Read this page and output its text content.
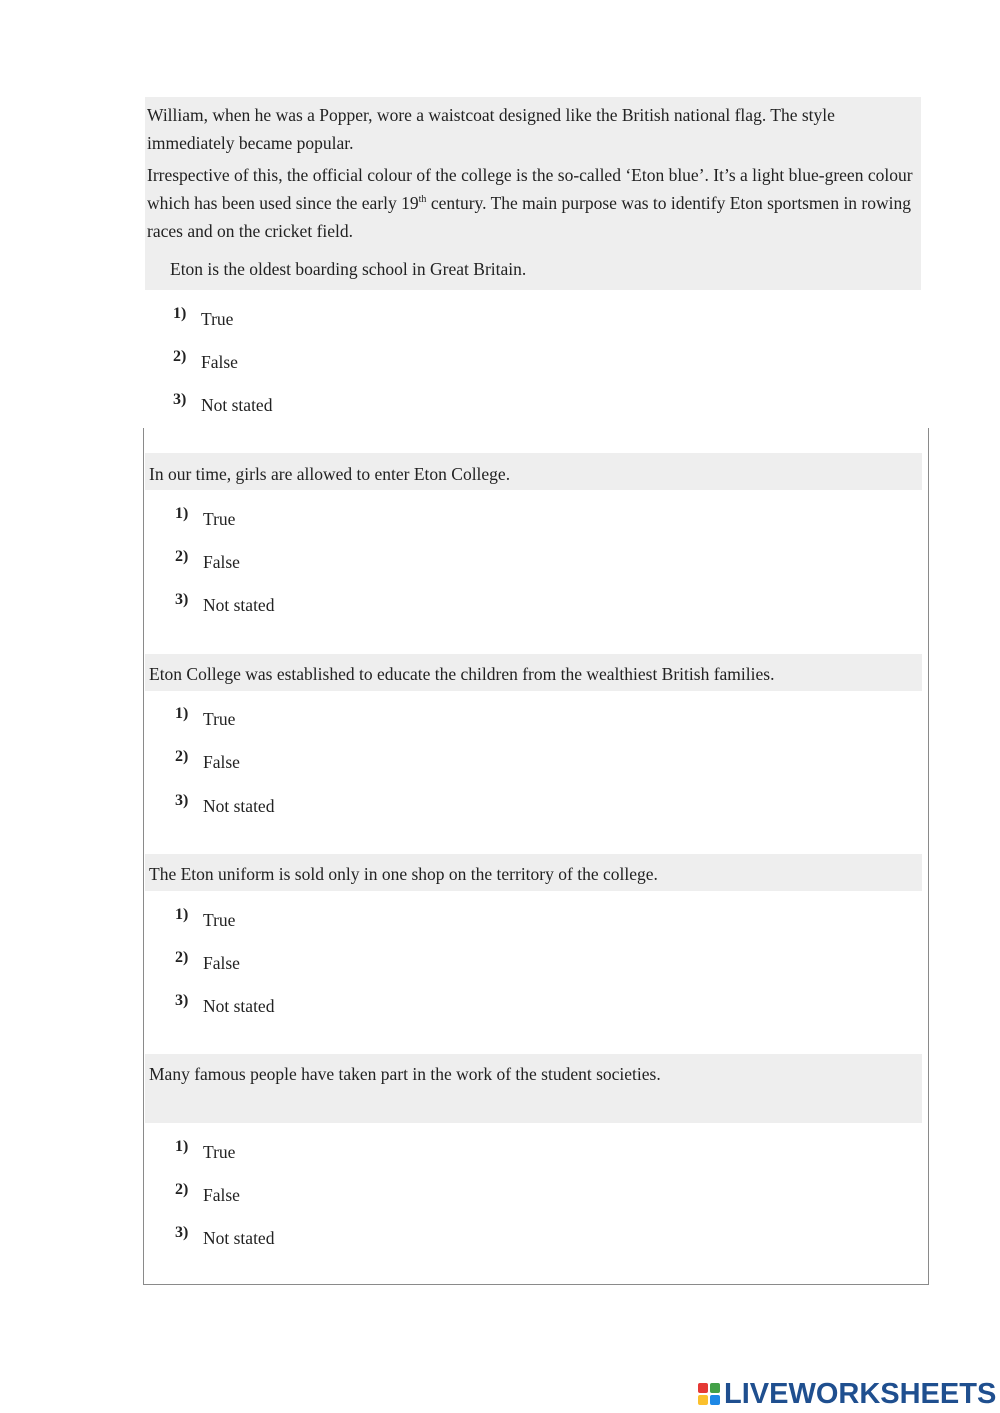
William, when he was a Popper, wore a waistcoat designed like the British national flag. The style immediately became popular.
Irrespective of this, the official colour of the college is the so-called ‘Eton blue’. It’s a light blue-green colour which has been used since the early 19th century. The main purpose was to identify Eton sportsmen in rowing races and on the cricket field.
Eton is the oldest boarding school in Great Britain.
1) True
2) False
3) Not stated
In our time, girls are allowed to enter Eton College.
1) True
2) False
3) Not stated
Eton College was established to educate the children from the wealthiest British families.
1) True
2) False
3) Not stated
The Eton uniform is sold only in one shop on the territory of the college.
1) True
2) False
3) Not stated
Many famous people have taken part in the work of the student societies.
1) True
2) False
3) Not stated
LIVEWORKSHEETS
